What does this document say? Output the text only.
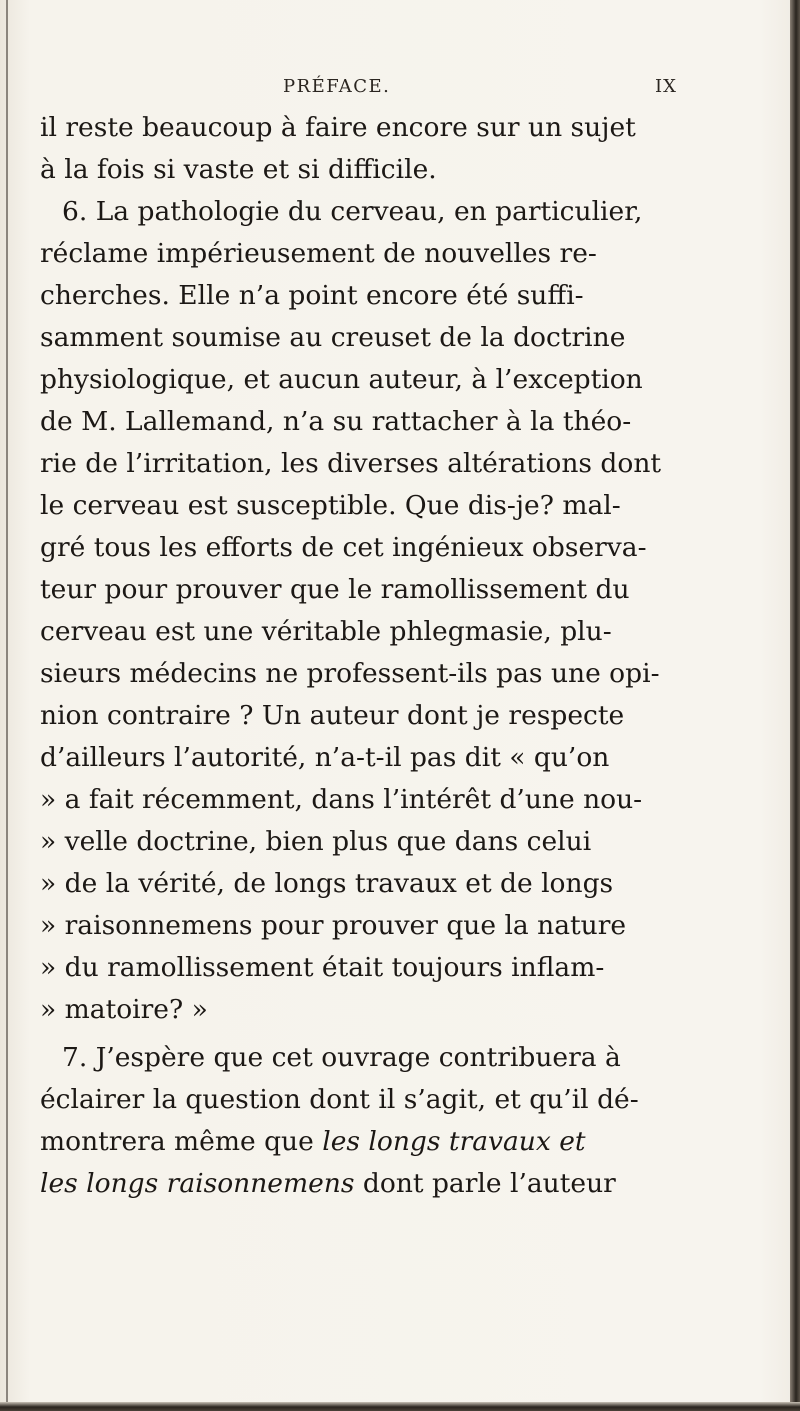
PRÉFACE.	IX
il reste beaucoup à faire encore sur un sujet
à la fois si vaste et si difficile.
6. La pathologie du cerveau, en particulier,
réclame impérieusement de nouvelles re-
cherches. Elle n’a point encore été suffi-
samment soumise au creuset de la doctrine
physiologique, et aucun auteur, à l’exception
de M. Lallemand, n’a su rattacher à la théo-
rie de l’irritation, les diverses altérations dont
le cerveau est susceptible. Que dis-je? mal-
gré tous les efforts de cet ingénieux observa-
teur pour prouver que le ramollissement du
cerveau est une véritable phlegmasie, plu-
sieurs médecins ne professent-ils pas une opi-
nion contraire ? Un auteur dont je respecte
d’ailleurs l’autorité, n’a-t-il pas dit « qu’on
» a fait récemment, dans l’intérêt d’une nou-
» velle doctrine, bien plus que dans celui
» de la vérité, de longs travaux et de longs
» raisonnemens pour prouver que la nature
» du ramollissement était toujours inflam-
» matoire? »
7. J’espère que cet ouvrage contribuera à
éclairer la question dont il s’agit, et qu’il dé-
montrera même que les longs travaux et
les longs raisonnemens dont parle l’auteur
